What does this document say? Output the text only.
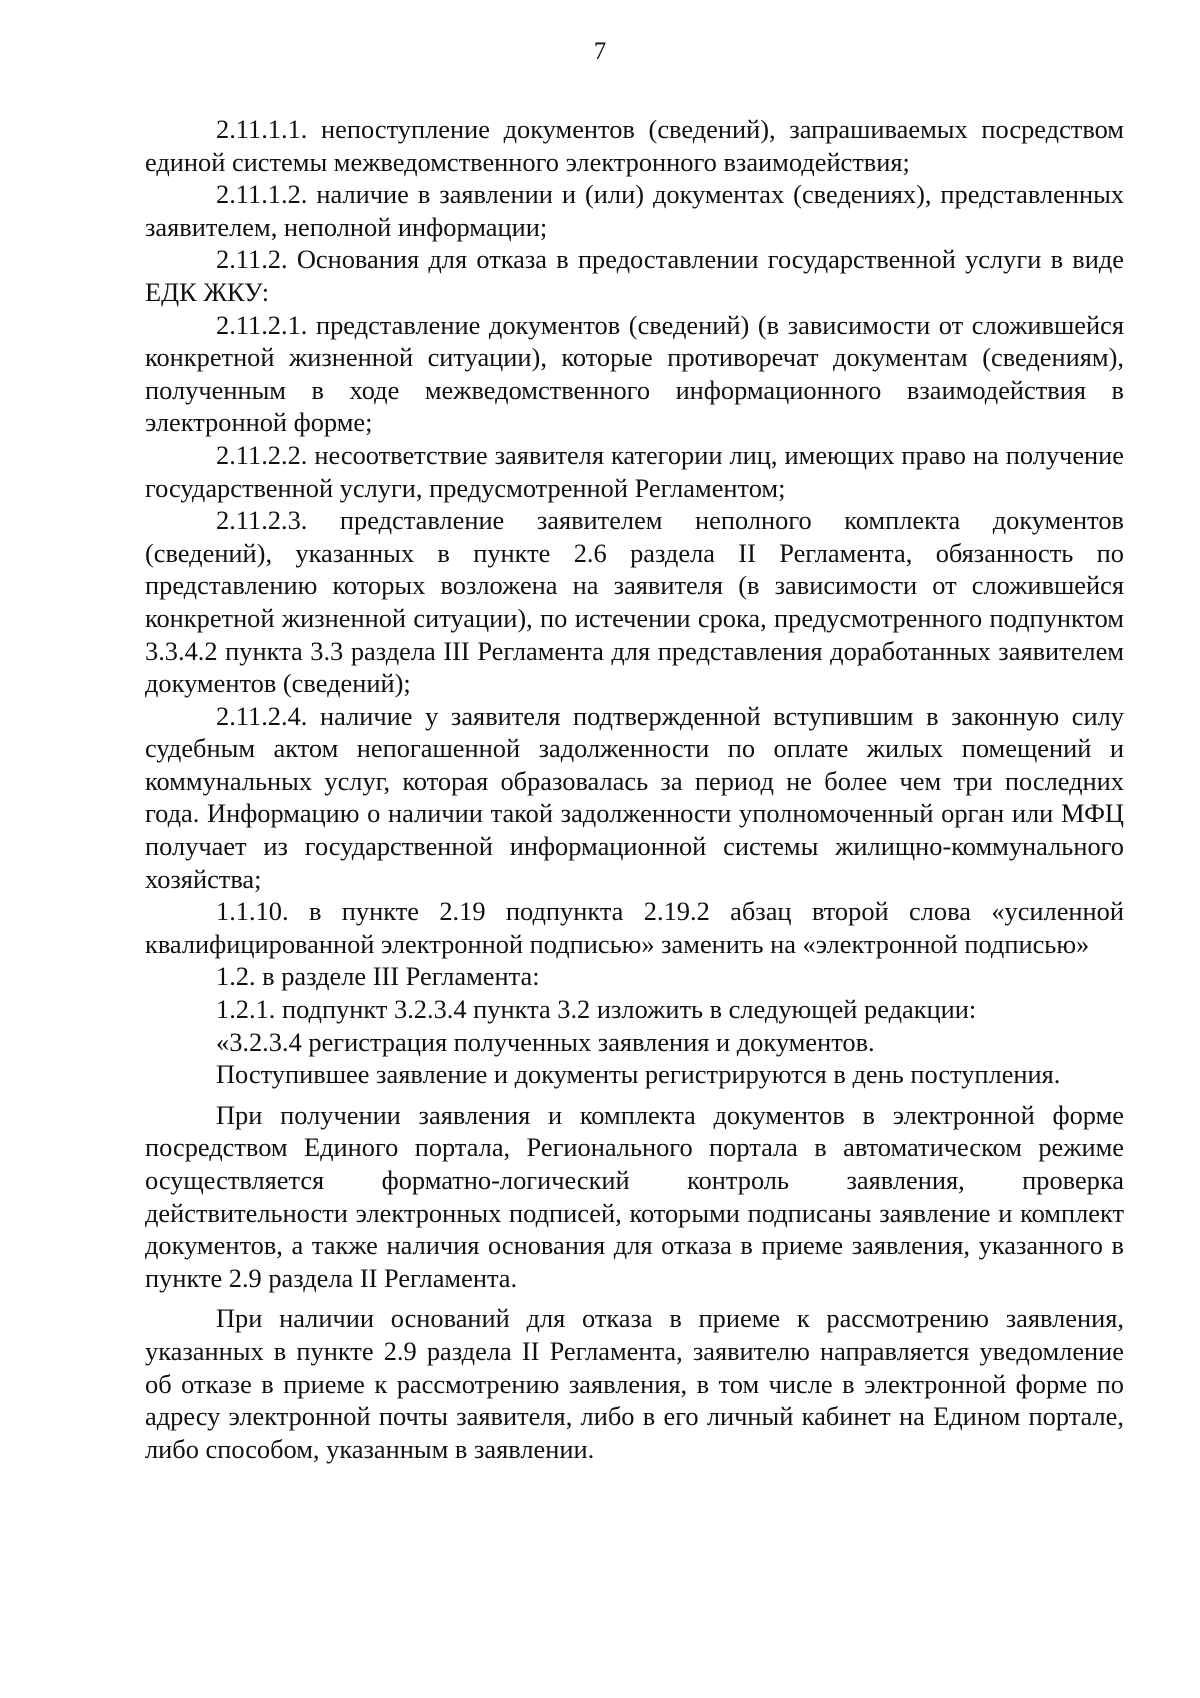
7

2.11.1.1. непоступление документов (сведений), запрашиваемых посредством единой системы межведомственного электронного взаимодействия;

2.11.1.2. наличие в заявлении и (или) документах (сведениях), представленных заявителем, неполной информации;

2.11.2. Основания для отказа в предоставлении государственной услуги в виде ЕДК ЖКУ:

2.11.2.1. представление документов (сведений) (в зависимости от сложившейся конкретной жизненной ситуации), которые противоречат документам (сведениям), полученным в ходе межведомственного информационного взаимодействия в электронной форме;

2.11.2.2. несоответствие заявителя категории лиц, имеющих право на получение государственной услуги, предусмотренной Регламентом;

2.11.2.3. представление заявителем неполного комплекта документов (сведений), указанных в пункте 2.6 раздела II Регламента, обязанность по представлению которых возложена на заявителя (в зависимости от сложившейся конкретной жизненной ситуации), по истечении срока, предусмотренного подпунктом 3.3.4.2 пункта 3.3 раздела III Регламента для представления доработанных заявителем документов (сведений);

2.11.2.4. наличие у заявителя подтвержденной вступившим в законную силу судебным актом непогашенной задолженности по оплате жилых помещений и коммунальных услуг, которая образовалась за период не более чем три последних года. Информацию о наличии такой задолженности уполномоченный орган или МФЦ получает из государственной информационной системы жилищно-коммунального хозяйства;

1.1.10. в пункте 2.19 подпункта 2.19.2 абзац второй слова «усиленной квалифицированной электронной подписью» заменить на «электронной подписью»

1.2. в разделе III Регламента:

1.2.1. подпункт 3.2.3.4 пункта 3.2 изложить в следующей редакции:

«3.2.3.4 регистрация полученных заявления и документов.

Поступившее заявление и документы регистрируются в день поступления.

При получении заявления и комплекта документов в электронной форме посредством Единого портала, Регионального портала в автоматическом режиме осуществляется форматно-логический контроль заявления, проверка действительности электронных подписей, которыми подписаны заявление и комплект документов, а также наличия основания для отказа в приеме заявления, указанного в пункте 2.9 раздела II Регламента.

При наличии оснований для отказа в приеме к рассмотрению заявления, указанных в пункте 2.9 раздела II Регламента, заявителю направляется уведомление об отказе в приеме к рассмотрению заявления, в том числе в электронной форме по адресу электронной почты заявителя, либо в его личный кабинет на Едином портале, либо способом, указанным в заявлении.
